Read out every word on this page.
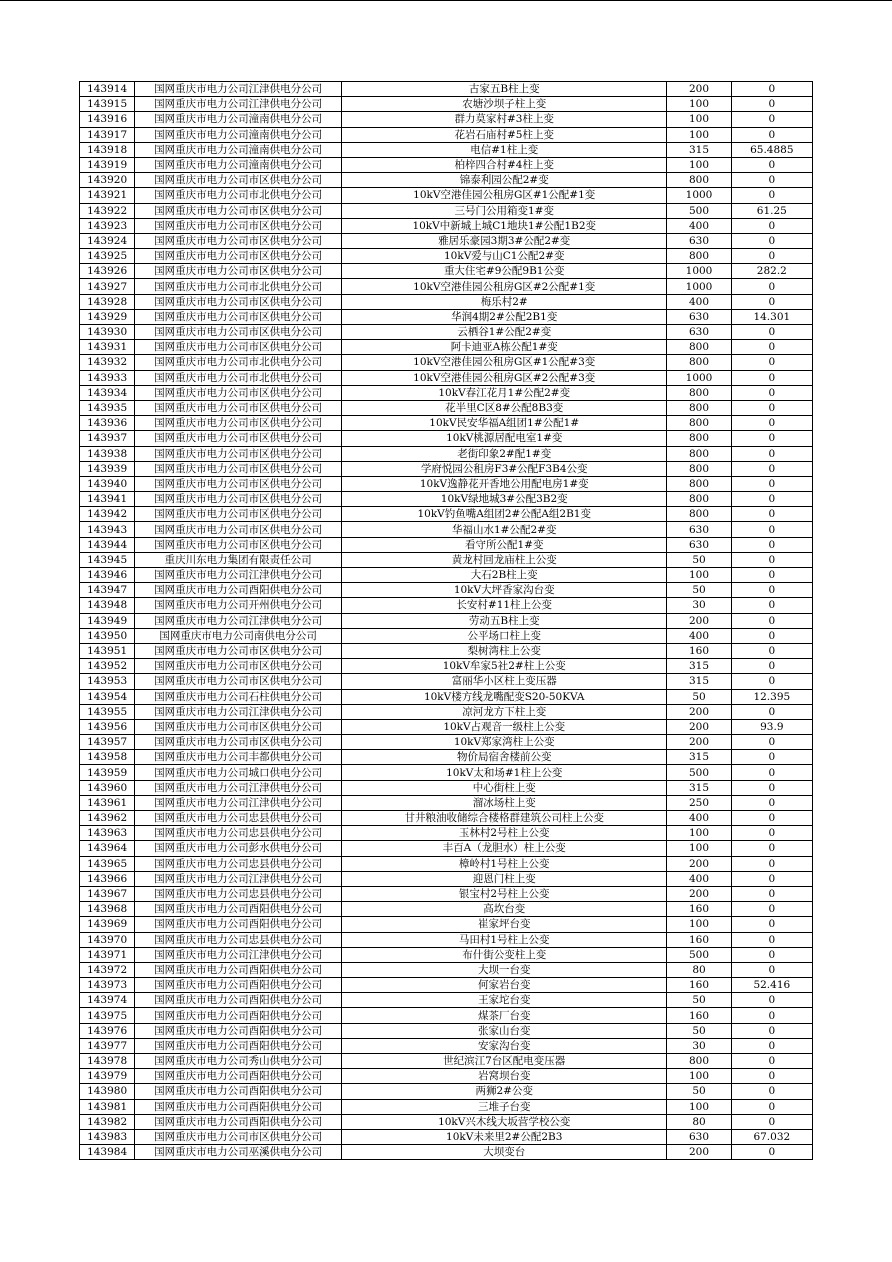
143914	国网重庆市电力公司江津供电分公司	古家五B柱上变	200	0
143915	国网重庆市电力公司江津供电分公司	农塘沙坝子柱上变	100	0
143916	国网重庆市电力公司潼南供电分公司	群力莫家村#3柱上变	100	0
143917	国网重庆市电力公司潼南供电分公司	花岩石庙村#5柱上变	100	0
143918	国网重庆市电力公司潼南供电分公司	电信#1柱上变	315	65.4885
143919	国网重庆市电力公司潼南供电分公司	柏梓四合村#4柱上变	100	0
143920	国网重庆市电力公司市区供电分公司	锦泰利园公配2#变	800	0
143921	国网重庆市电力公司市北供电分公司	10kV空港佳园公租房G区#1公配#1变	1000	0
143922	国网重庆市电力公司市区供电分公司	三号门公用箱变1#变	500	61.25
143923	国网重庆市电力公司市区供电分公司	10kV中新城上城C1地块1#公配1B2变	400	0
143924	国网重庆市电力公司市区供电分公司	雅居乐豪园3期3#公配2#变	630	0
143925	国网重庆市电力公司市区供电分公司	10kV爱与山C1公配2#变	800	0
143926	国网重庆市电力公司市区供电分公司	重大住宅#9公配9B1公变	1000	282.2
143927	国网重庆市电力公司市北供电分公司	10kV空港佳园公租房G区#2公配#1变	1000	0
143928	国网重庆市电力公司市区供电分公司	梅乐村2#	400	0
143929	国网重庆市电力公司市区供电分公司	华润4期2#公配2B1变	630	14.301
143930	国网重庆市电力公司市区供电分公司	云栖谷1#公配2#变	630	0
143931	国网重庆市电力公司市区供电分公司	阿卡迪亚A栋公配1#变	800	0
143932	国网重庆市电力公司市北供电分公司	10kV空港佳园公租房G区#1公配#3变	800	0
143933	国网重庆市电力公司市北供电分公司	10kV空港佳园公租房G区#2公配#3变	1000	0
143934	国网重庆市电力公司市区供电分公司	10kV春江花月1#公配2#变	800	0
143935	国网重庆市电力公司市区供电分公司	花半里C区8#公配8B3变	800	0
143936	国网重庆市电力公司市区供电分公司	10kV民安华福A组团1#公配1#	800	0
143937	国网重庆市电力公司市区供电分公司	10kV桃源居配电室1#变	800	0
143938	国网重庆市电力公司市区供电分公司	老街印象2#配1#变	800	0
143939	国网重庆市电力公司市区供电分公司	学府悦园公租房F3#公配F3B4公变	800	0
143940	国网重庆市电力公司市区供电分公司	10kV逸静花开香地公用配电房1#变	800	0
143941	国网重庆市电力公司市区供电分公司	10kV绿地城3#公配3B2变	800	0
143942	国网重庆市电力公司市区供电分公司	10kV钓鱼嘴A组团2#公配A组2B1变	800	0
143943	国网重庆市电力公司市区供电分公司	华福山水1#公配2#变	630	0
143944	国网重庆市电力公司市区供电分公司	看守所公配1#变	630	0
143945	重庆川东电力集团有限责任公司	黄龙村回龙庙柱上公变	50	0
143946	国网重庆市电力公司江津供电分公司	大石2B柱上变	100	0
143947	国网重庆市电力公司酉阳供电分公司	10kV大坪香家沟台变	50	0
143948	国网重庆市电力公司开州供电分公司	长安村#11柱上公变	30	0
143949	国网重庆市电力公司江津供电分公司	劳动五B柱上变	200	0
143950	国网重庆市电力公司南供电分公司	公平场口柱上变	400	0
143951	国网重庆市电力公司市区供电分公司	梨树湾柱上公变	160	0
143952	国网重庆市电力公司市区供电分公司	10kV牟家5社2#柱上公变	315	0
143953	国网重庆市电力公司市区供电分公司	富丽华小区柱上变压器	315	0
143954	国网重庆市电力公司石柱供电分公司	10kV楼方线龙嘴配变S20-50KVA	50	12.395
143955	国网重庆市电力公司江津供电分公司	凉河龙方下柱上变	200	0
143956	国网重庆市电力公司市区供电分公司	10kV占观音一级柱上公变	200	93.9
143957	国网重庆市电力公司市区供电分公司	10kV郑家湾柱上公变	200	0
143958	国网重庆市电力公司丰都供电分公司	物价局宿舍楼前公变	315	0
143959	国网重庆市电力公司城口供电分公司	10kV太和场#1柱上公变	500	0
143960	国网重庆市电力公司江津供电分公司	中心街柱上变	315	0
143961	国网重庆市电力公司江津供电分公司	溜冰场柱上变	250	0
143962	国网重庆市电力公司忠县供电分公司	甘井粮油收储综合楼格群建筑公司柱上公变	400	0
143963	国网重庆市电力公司忠县供电分公司	玉林村2号柱上公变	100	0
143964	国网重庆市电力公司彭水供电分公司	丰百A（龙胆水）柱上公变	100	0
143965	国网重庆市电力公司忠县供电分公司	樟岭村1号柱上公变	200	0
143966	国网重庆市电力公司江津供电分公司	迎恩门柱上变	400	0
143967	国网重庆市电力公司忠县供电分公司	银宝村2号柱上公变	200	0
143968	国网重庆市电力公司酉阳供电分公司	高坎台变	160	0
143969	国网重庆市电力公司酉阳供电分公司	崔家坪台变	100	0
143970	国网重庆市电力公司忠县供电分公司	马田村1号柱上公变	160	0
143971	国网重庆市电力公司江津供电分公司	布什街公变柱上变	500	0
143972	国网重庆市电力公司酉阳供电分公司	大坝一台变	80	0
143973	国网重庆市电力公司酉阳供电分公司	何家岩台变	160	52.416
143974	国网重庆市电力公司酉阳供电分公司	王家坨台变	50	0
143975	国网重庆市电力公司酉阳供电分公司	煤茶厂台变	160	0
143976	国网重庆市电力公司酉阳供电分公司	张家山台变	50	0
143977	国网重庆市电力公司酉阳供电分公司	安家沟台变	30	0
143978	国网重庆市电力公司秀山供电分公司	世纪滨江7台区配电变压器	800	0
143979	国网重庆市电力公司酉阳供电分公司	岩窝坝台变	100	0
143980	国网重庆市电力公司酉阳供电分公司	两狮2#公变	50	0
143981	国网重庆市电力公司酉阳供电分公司	三堆子台变	100	0
143982	国网重庆市电力公司酉阳供电分公司	10kV兴木线大坂营学校公变	80	0
143983	国网重庆市电力公司市区供电分公司	10kV未来里2#公配2B3	630	67.032
143984	国网重庆市电力公司巫溪供电分公司	大坝变台	200	0
